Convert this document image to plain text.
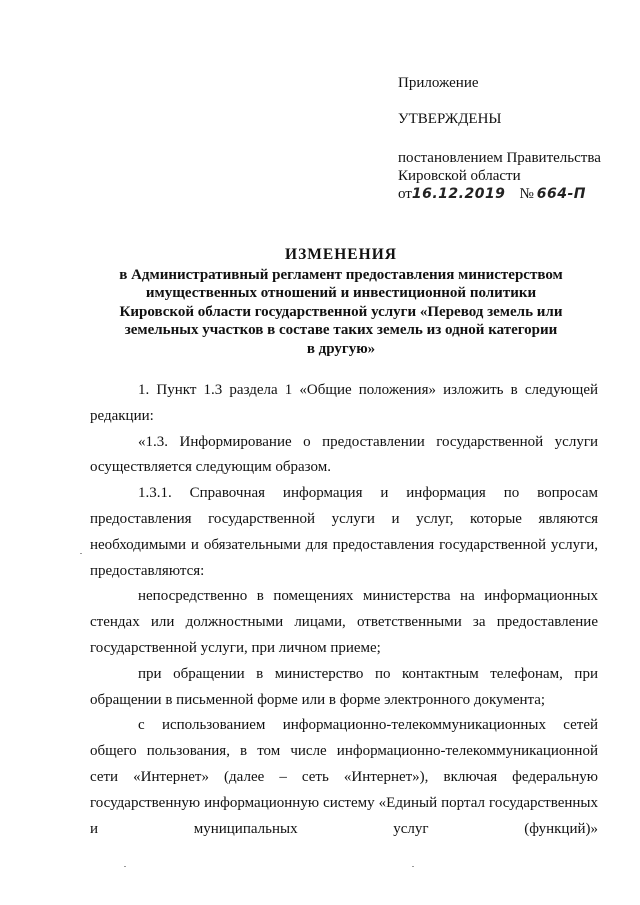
Приложение
УТВЕРЖДЕНЫ
постановлением Правительства
Кировской области
от 16.12.2019 № 664-П
ИЗМЕНЕНИЯ
в Административный регламент предоставления министерством
имущественных отношений и инвестиционной политики
Кировской области государственной услуги «Перевод земель или
земельных участков в составе таких земель из одной категории
в другую»

1. Пункт 1.3 раздела 1 «Общие положения» изложить в следующей редакции:

«1.3. Информирование о предоставлении государственной услуги осуществляется следующим образом.

1.3.1. Справочная информация и информация по вопросам предоставления государственной услуги и услуг, которые являются необходимыми и обязательными для предоставления государственной услуги, предоставляются:

непосредственно в помещениях министерства на информационных стендах или должностными лицами, ответственными за предоставление государственной услуги, при личном приеме;

при обращении в министерство по контактным телефонам, при обращении в письменной форме или в форме электронного документа;

с использованием информационно-телекоммуникационных сетей общего пользования, в том числе информационно-телекоммуникационной сети «Интернет» (далее – сеть «Интернет»), включая федеральную государственную информационную систему «Единый портал государственных и муниципальных услуг (функций)»
